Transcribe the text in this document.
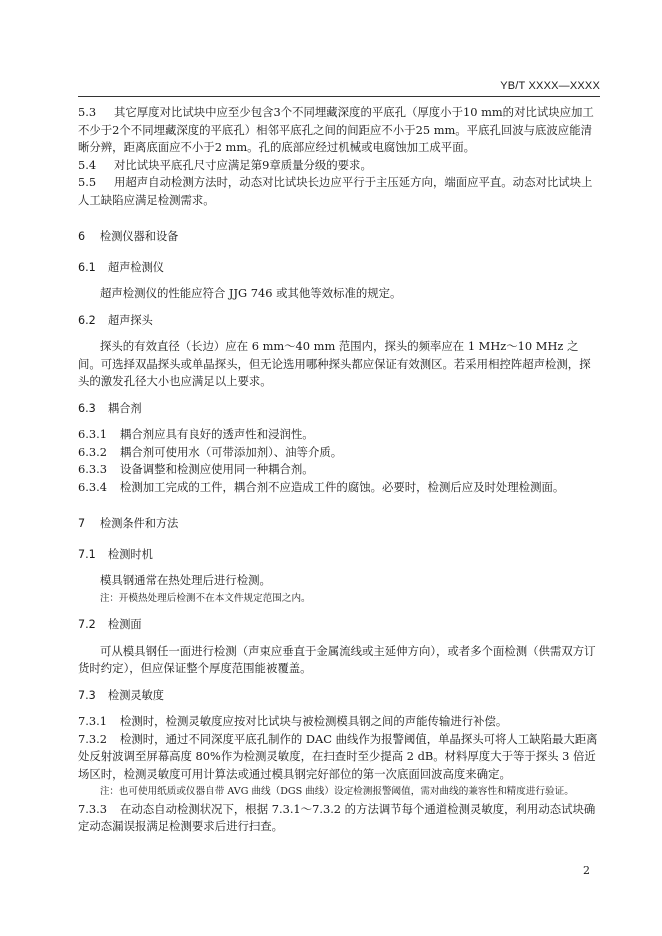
YB/T XXXX—XXXX

5.3 其它厚度对比试块中应至少包含3个不同埋藏深度的平底孔（厚度小于10 mm的对比试块应加工不少于2个不同埋藏深度的平底孔）相邻平底孔之间的间距应不小于25 mm。平底孔回波与底波应能清晰分辨，距离底面应不小于2 mm。孔的底部应经过机械或电腐蚀加工成平面。

5.4 对比试块平底孔尺寸应满足第9章质量分级的要求。

5.5 用超声自动检测方法时，动态对比试块长边应平行于主压延方向，端面应平直。动态对比试块上人工缺陷应满足检测需求。

6 检测仪器和设备

6.1 超声检测仪

超声检测仪的性能应符合 JJG 746 或其他等效标准的规定。

6.2 超声探头

探头的有效直径（长边）应在 6 mm～40 mm 范围内，探头的频率应在 1 MHz～10 MHz 之间。可选择双晶探头或单晶探头，但无论选用哪种探头都应保证有效测区。若采用相控阵超声检测，探头的激发孔径大小也应满足以上要求。

6.3 耦合剂

6.3.1 耦合剂应具有良好的透声性和浸润性。

6.3.2 耦合剂可使用水（可带添加剂）、油等介质。

6.3.3 设备调整和检测应使用同一种耦合剂。

6.3.4 检测加工完成的工件，耦合剂不应造成工件的腐蚀。必要时，检测后应及时处理检测面。

7 检测条件和方法

7.1 检测时机

模具钢通常在热处理后进行检测。

注：开模热处理后检测不在本文件规定范围之内。

7.2 检测面

可从模具钢任一面进行检测（声束应垂直于金属流线或主延伸方向），或者多个面检测（供需双方订货时约定），但应保证整个厚度范围能被覆盖。

7.3 检测灵敏度

7.3.1 检测时，检测灵敏度应按对比试块与被检测模具钢之间的声能传输进行补偿。

7.3.2 检测时，通过不同深度平底孔制作的 DAC 曲线作为报警阈值，单晶探头可将人工缺陷最大距离处反射波调至屏幕高度 80%作为检测灵敏度，在扫查时至少提高 2 dB。材料厚度大于等于探头 3 倍近场区时，检测灵敏度可用计算法或通过模具钢完好部位的第一次底面回波高度来确定。

注：也可使用纸质或仪器自带 AVG 曲线（DGS 曲线）设定检测报警阈值，需对曲线的兼容性和精度进行验证。

7.3.3 在动态自动检测状况下，根据 7.3.1～7.3.2 的方法调节每个通道检测灵敏度，利用动态试块确定动态漏误报满足检测要求后进行扫查。

2
